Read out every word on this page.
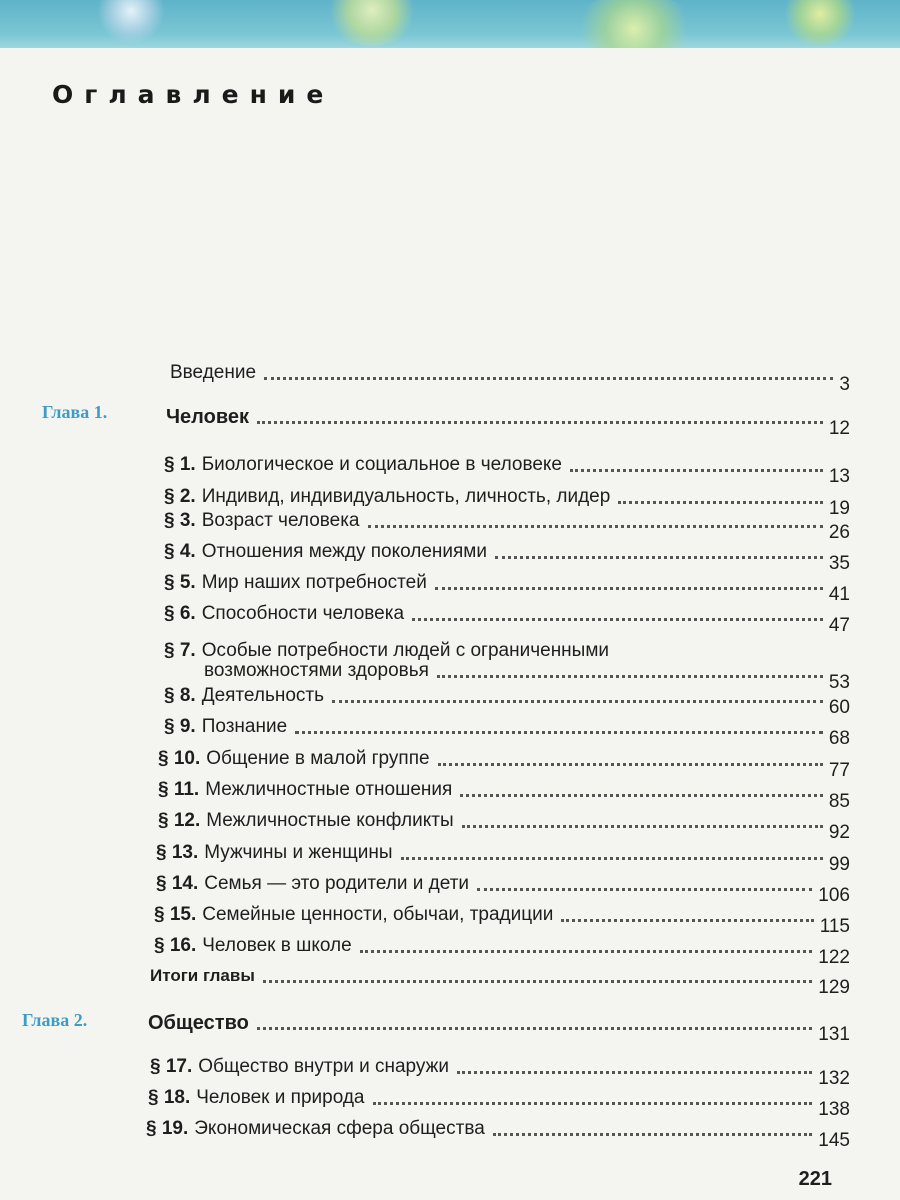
Оглавление
Введение
3
Глава 1.	Человек
12
§ 1. Биологическое и социальное в человеке
13
§ 2. Индивид, индивидуальность, личность, лидер
19
§ 3. Возраст человека
26
§ 4. Отношения между поколениями
35
§ 5. Мир наших потребностей
41
§ 6. Способности человека
47
§ 7. Особые потребности людей с ограниченными
возможностями здоровья
53
§ 8. Деятельность
60
§ 9. Познание
68
§ 10. Общение в малой группе
77
§ 11. Межличностные отношения
85
§ 12. Межличностные конфликты
92
§ 13. Мужчины и женщины
99
§ 14. Семья — это родители и дети
106
§ 15. Семейные ценности, обычаи, традиции
115
§ 16. Человек в школе
122
Итоги главы
129
Глава 2.	Общество
131
§ 17. Общество внутри и снаружи
132
§ 18. Человек и природа
138
§ 19. Экономическая сфера общества
145
221
